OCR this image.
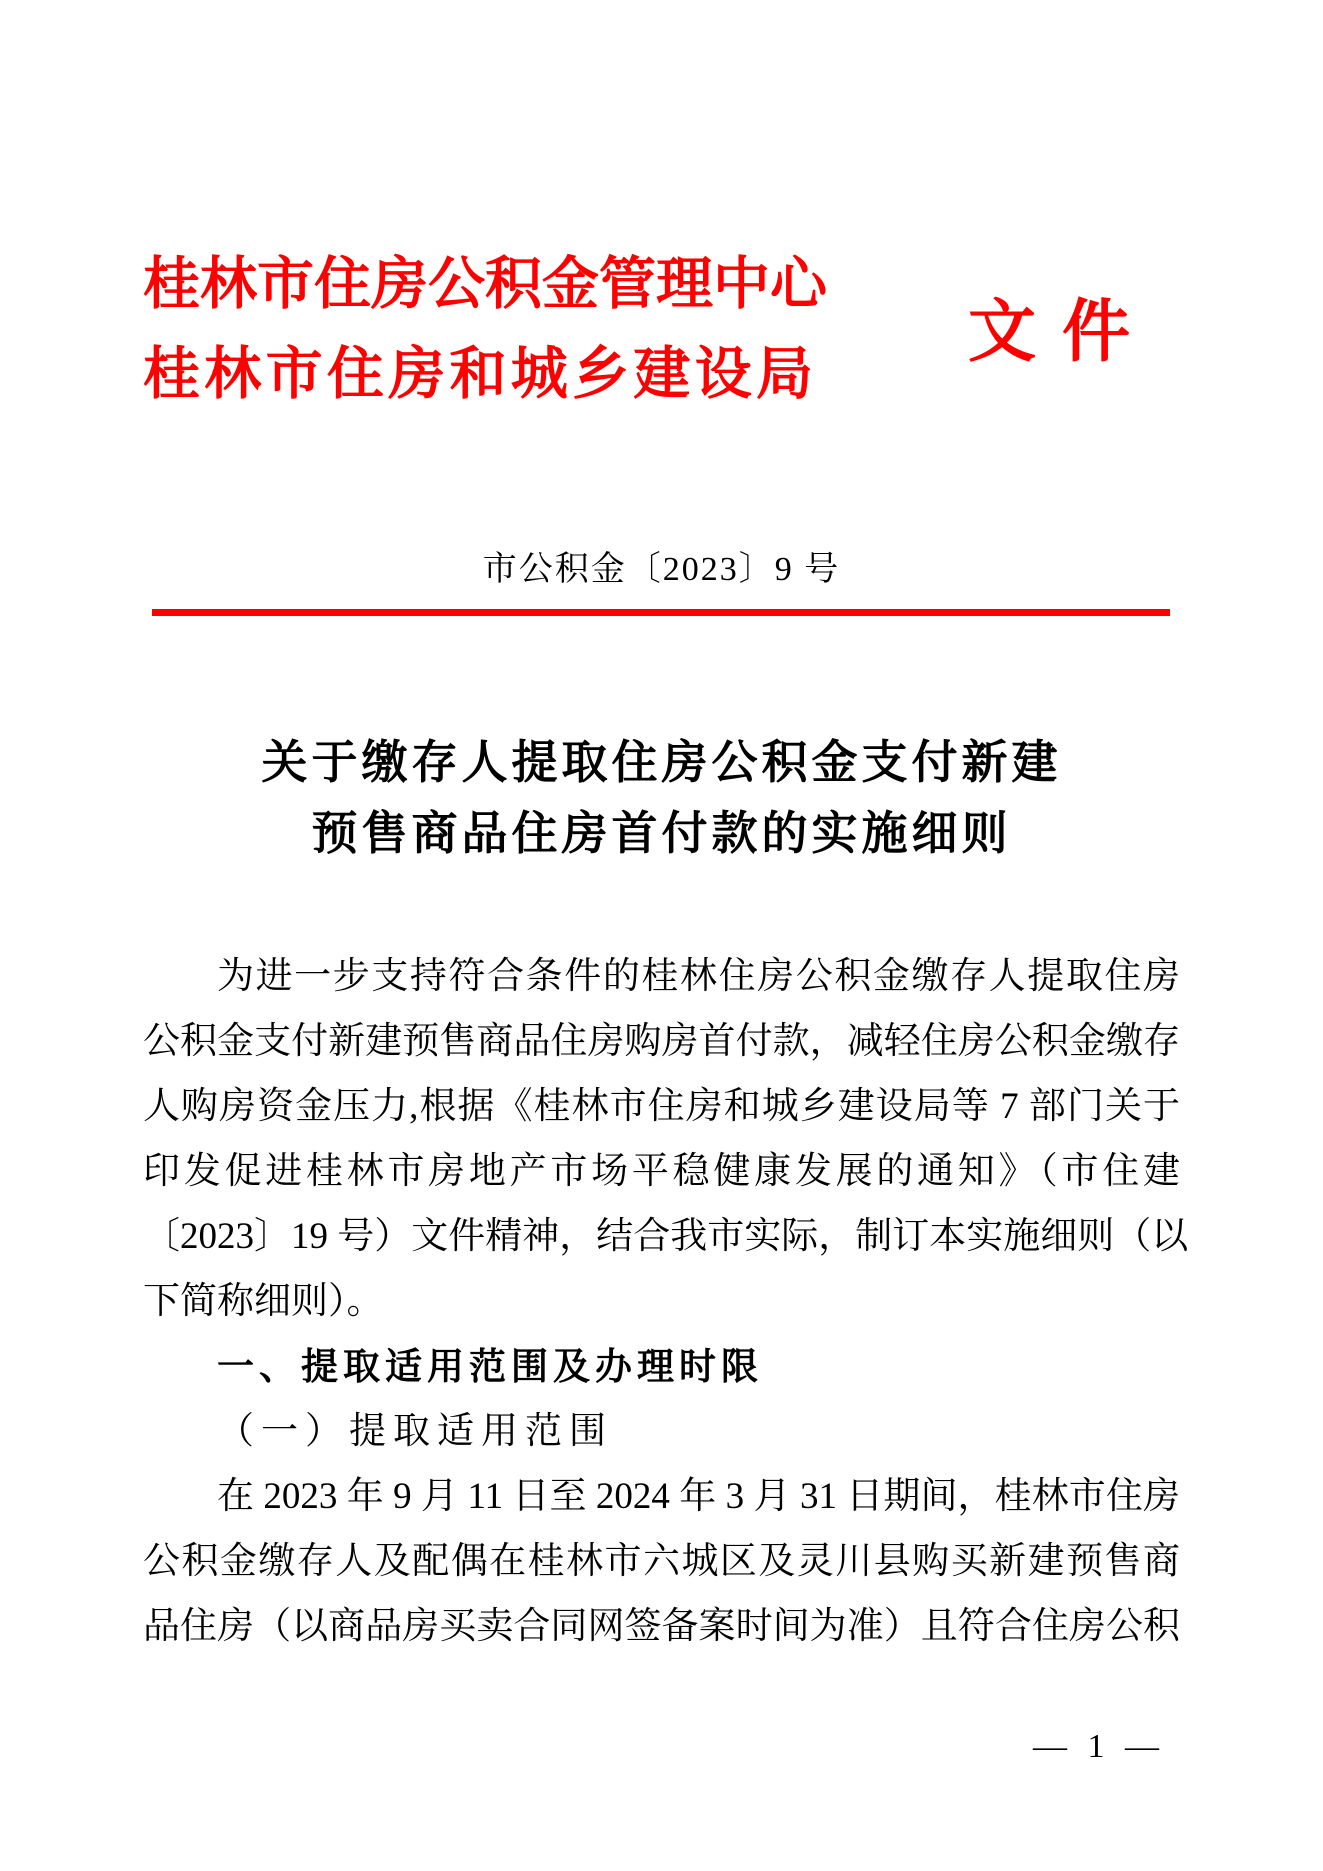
桂林市住房公积金管理中心
桂林市住房和城乡建设局
文 件
市公积金〔2023〕9 号
关于缴存人提取住房公积金支付新建
预售商品住房首付款的实施细则
为进一步支持符合条件的桂林住房公积金缴存人提取住房
公积金支付新建预售商品住房购房首付款，减轻住房公积金缴存
人购房资金压力,根据《桂林市住房和城乡建设局等 7 部门关于
印发促进桂林市房地产市场平稳健康发展的通知》（市住建
〔2023〕19 号）文件精神，结合我市实际，制订本实施细则（以
下简称细则）。
一、提取适用范围及办理时限
（一）提取适用范围
在 2023 年 9 月 11 日至 2024 年 3 月 31 日期间，桂林市住房
公积金缴存人及配偶在桂林市六城区及灵川县购买新建预售商
品住房（以商品房买卖合同网签备案时间为准）且符合住房公积
— 1 —
